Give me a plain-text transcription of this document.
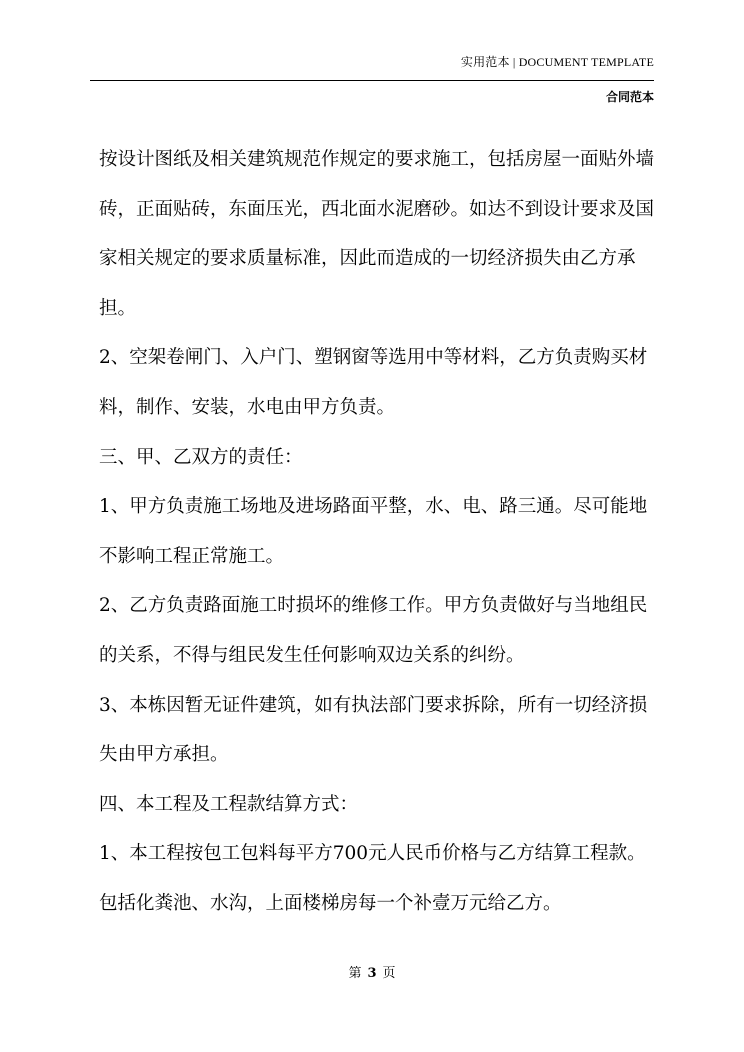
实用范本 | DOCUMENT TEMPLATE
合同范本

按设计图纸及相关建筑规范作规定的要求施工，包括房屋一面贴外墙砖，正面贴砖，东面压光，西北面水泥磨砂。如达不到设计要求及国家相关规定的要求质量标准，因此而造成的一切经济损失由乙方承担。

2、空架卷闸门、入户门、塑钢窗等选用中等材料，乙方负责购买材料，制作、安装，水电由甲方负责。

三、甲、乙双方的责任：

1、甲方负责施工场地及进场路面平整，水、电、路三通。尽可能地不影响工程正常施工。

2、乙方负责路面施工时损坏的维修工作。甲方负责做好与当地组民的关系，不得与组民发生任何影响双边关系的纠纷。

3、本栋因暂无证件建筑，如有执法部门要求拆除，所有一切经济损失由甲方承担。

四、本工程及工程款结算方式：

1、本工程按包工包料每平方700元人民币价格与乙方结算工程款。包括化粪池、水沟，上面楼梯房每一个补壹万元给乙方。

第 3 页
